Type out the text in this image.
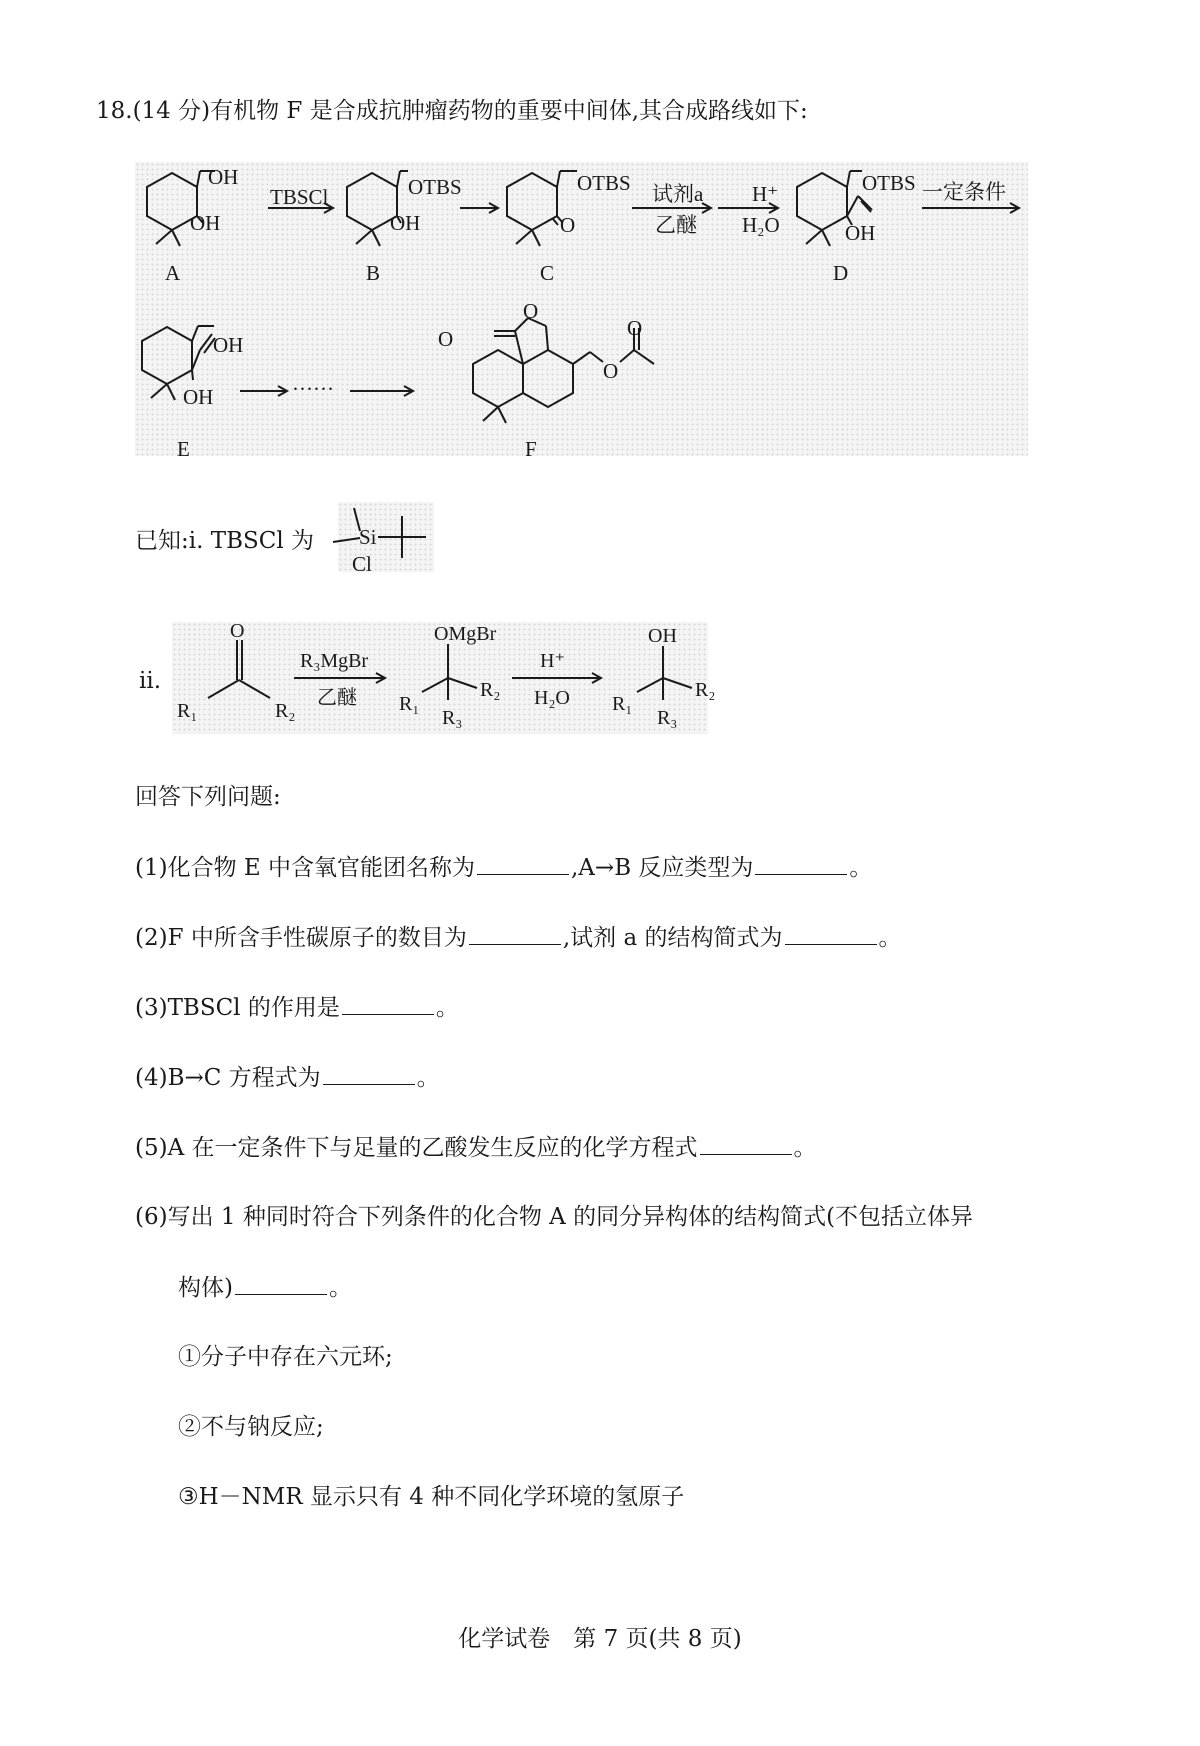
18.(14 分)有机物 F 是合成抗肿瘤药物的重要中间体,其合成路线如下:
OH
OH
OTBS
OH
OTBS
O
OTBS
OH
OH
OH
O
O
O
O
TBSCl	试剂a
乙醚
H⁺
H₂O
一定条件
……
A	B	C	D
E	F
已知:ⅰ. TBSCl 为 Si
Cl
ⅱ.
O
R₁	R₂
R₃MgBr
乙醚
OMgBr
R₁
R₂
R₃
H⁺
H₂O
OH
R₁
R₂
R₃
回答下列问题:
(1)化合物 E 中含氧官能团名称为	,A→B 反应类型为	。
(2)F 中所含手性碳原子的数目为	,试剂 a 的结构简式为	。
(3)TBSCl 的作用是	。
(4)B→C 方程式为	。
(5)A 在一定条件下与足量的乙酸发生反应的化学方程式	。
(6)写出 1 种同时符合下列条件的化合物 A 的同分异构体的结构简式(不包括立体异
构体)	。
①分子中存在六元环;
②不与钠反应;
③H－NMR 显示只有 4 种不同化学环境的氢原子
化学试卷　第 7 页(共 8 页)
